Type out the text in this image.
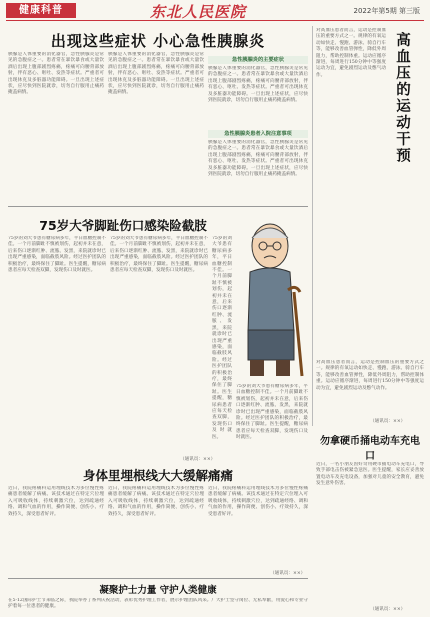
健康科普	东北人民医院	2022年第5期 第三版
出现这些症状 小心急性胰腺炎
胰腺是人体重要的消化器官，急性胰腺炎是常见的急腹症之一。患者常在暴饮暴食或大量饮酒后出现上腹部剧烈疼痛，疼痛可向腰背部放射，伴有恶心、呕吐、发热等症状。严重者可出现休克及多脏器功能障碍。一旦出现上述症状，应尽快到医院就诊，切勿自行服用止痛药掩盖病情。
胰腺是人体重要的消化器官，急性胰腺炎是常见的急腹症之一。患者常在暴饮暴食或大量饮酒后出现上腹部剧烈疼痛，疼痛可向腰背部放射，伴有恶心、呕吐、发热等症状。严重者可出现休克及多脏器功能障碍。一旦出现上述症状，应尽快到医院就诊，切勿自行服用止痛药掩盖病情。
急性胰腺炎的主要症状
胰腺是人体重要的消化器官，急性胰腺炎是常见的急腹症之一。患者常在暴饮暴食或大量饮酒后出现上腹部剧烈疼痛，疼痛可向腰背部放射，伴有恶心、呕吐、发热等症状。严重者可出现休克及多脏器功能障碍。一旦出现上述症状，应尽快到医院就诊，切勿自行服用止痛药掩盖病情。
急性胰腺炎患者入院注意事项
胰腺是人体重要的消化器官，急性胰腺炎是常见的急腹症之一。患者常在暴饮暴食或大量饮酒后出现上腹部剧烈疼痛，疼痛可向腰背部放射，伴有恶心、呕吐、发热等症状。严重者可出现休克及多脏器功能障碍。一旦出现上述症状，应尽快到医院就诊，切勿自行服用止痛药掩盖病情。
对高血压患者而言，运动是控制血压的重要方式之一。规律的有氧运动如快走、慢跑、游泳、骑自行车等，能够改善血管弹性，降低外周阻力，帮助控制体重。运动应循序渐进，每周进行150分钟中等强度运动为宜，避免剧烈运动及憋气动作。	高血压的运动干预
对高血压患者而言，运动是控制血压的重要方式之一。规律的有氧运动如快走、慢跑、游泳、骑自行车等，能够改善血管弹性，降低外周阻力，帮助控制体重。运动应循序渐进，每周进行150分钟中等强度运动为宜，避免剧烈运动及憋气动作。
（通讯员：××）
75岁大爷脚趾伤口感染险截肢
75岁的刘大爷患有糖尿病多年，平日血糖控制不佳。一个月前脚趾不慎被划伤，起初并未在意，后来伤口逐渐红肿、流脓、发黑，来院就诊时已出现严重感染，面临截肢风险。经过医护团队的积极治疗，最终保住了脚趾。医生提醒，糖尿病患者应每天检查双脚，发现伤口及时就医。
75岁的刘大爷患有糖尿病多年，平日血糖控制不佳。一个月前脚趾不慎被划伤，起初并未在意，后来伤口逐渐红肿、流脓、发黑，来院就诊时已出现严重感染，面临截肢风险。经过医护团队的积极治疗，最终保住了脚趾。医生提醒，糖尿病患者应每天检查双脚，发现伤口及时就医。
75岁的刘大爷患有糖尿病多年，平日血糖控制不佳。一个月前脚趾不慎被划伤，起初并未在意，后来伤口逐渐红肿、流脓、发黑，来院就诊时已出现严重感染，面临截肢风险。经过医护团队的积极治疗，最终保住了脚趾。医生提醒，糖尿病患者应每天检查双脚，发现伤口及时就医。
（通讯员：××）
75岁的刘大爷患有糖尿病多年，平日血糖控制不佳。一个月前脚趾不慎被划伤，起初并未在意，后来伤口逐渐红肿、流脓、发黑，来院就诊时已出现严重感染，面临截肢风险。经过医护团队的积极治疗，最终保住了脚趾。医生提醒，糖尿病患者应每天检查双脚，发现伤口及时就医。
身体里埋根线大大缓解痛痛
近日，我院疼痛科运用埋线技术为多位慢性疼痛患者缓解了病痛。该技术通过在特定穴位埋入可吸收线体，持续刺激穴位，达到疏通经络、调和气血的作用，操作简便、创伤小、疗效持久，深受患者好评。
近日，我院疼痛科运用埋线技术为多位慢性疼痛患者缓解了病痛。该技术通过在特定穴位埋入可吸收线体，持续刺激穴位，达到疏通经络、调和气血的作用，操作简便、创伤小、疗效持久，深受患者好评。
近日，我院疼痛科运用埋线技术为多位慢性疼痛患者缓解了病痛。该技术通过在特定穴位埋入可吸收线体，持续刺激穴位，达到疏通经络、调和气血的作用，操作简便、创伤小、疗效持久，深受患者好评。
（通讯员：××）
勿拿硬币捅电动车充电口
近日，一名小朋友因好奇用硬币捅电动车充电口，导致手部电击伤被紧急送医。医生提醒，家长应妥善放置电动车及充电设备，加强对儿童的安全教育，避免发生意外伤害。
（通讯员：××）
凝聚护士力量 守护人类健康
在5·12国际护士节来临之际，我院举办了系列庆祝活动，表彰优秀护理工作者，展示护理团队风采。广大护士坚守岗位、无私奉献，用爱心和专业守护着每一位患者的健康。
